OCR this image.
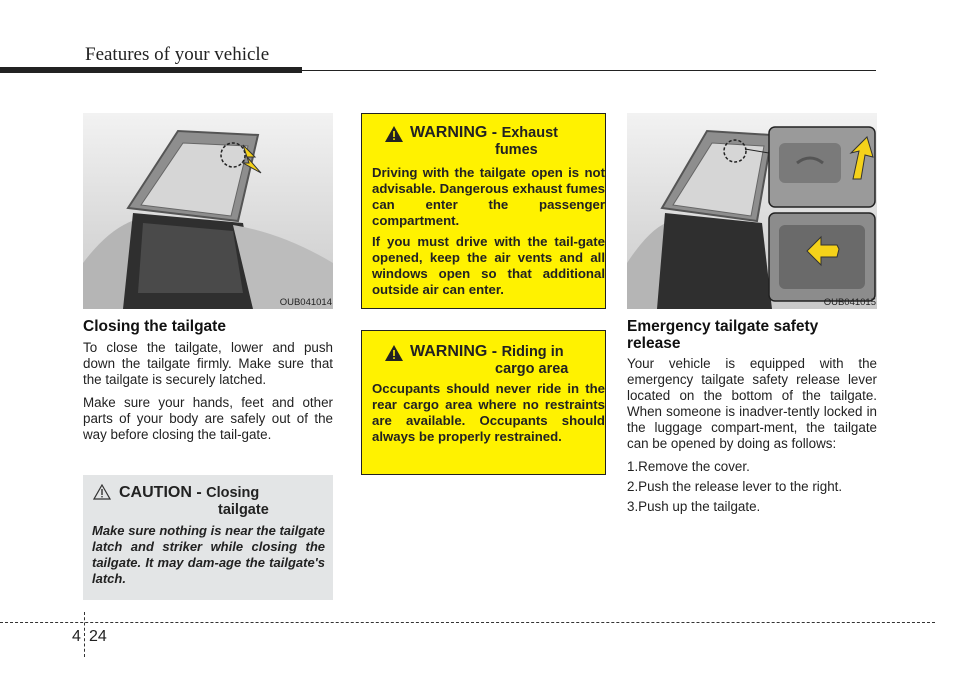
Features of your vehicle
OUB041014
Closing the tailgate

To close the tailgate, lower and push down the tailgate firmly. Make sure that the tailgate is securely latched.

Make sure your hands, feet and other parts of your body are safely out of the way before closing the tail-gate.

CAUTION - Closing
tailgate
Make sure nothing is near the tailgate latch and striker while closing the tailgate. It may dam-age the tailgate's latch.
WARNING - Exhaust
fumes

Driving with the tailgate open is not advisable. Dangerous exhaust fumes can enter the passenger compartment.

If you must drive with the tail-gate opened, keep the air vents and all windows open so that additional outside air can enter.

WARNING - Riding in
cargo area

Occupants should never ride in the rear cargo area where no restraints are available. Occupants should always be properly restrained.

OUB041015
Emergency tailgate safety release

Your vehicle is equipped with the emergency tailgate safety release lever located on the bottom of the tailgate. When someone is inadver-tently locked in the luggage compart-ment, the tailgate can be opened by doing as follows:

1.Remove the cover.

2.Push the release lever to the right.

3.Push up the tailgate.

4 24
